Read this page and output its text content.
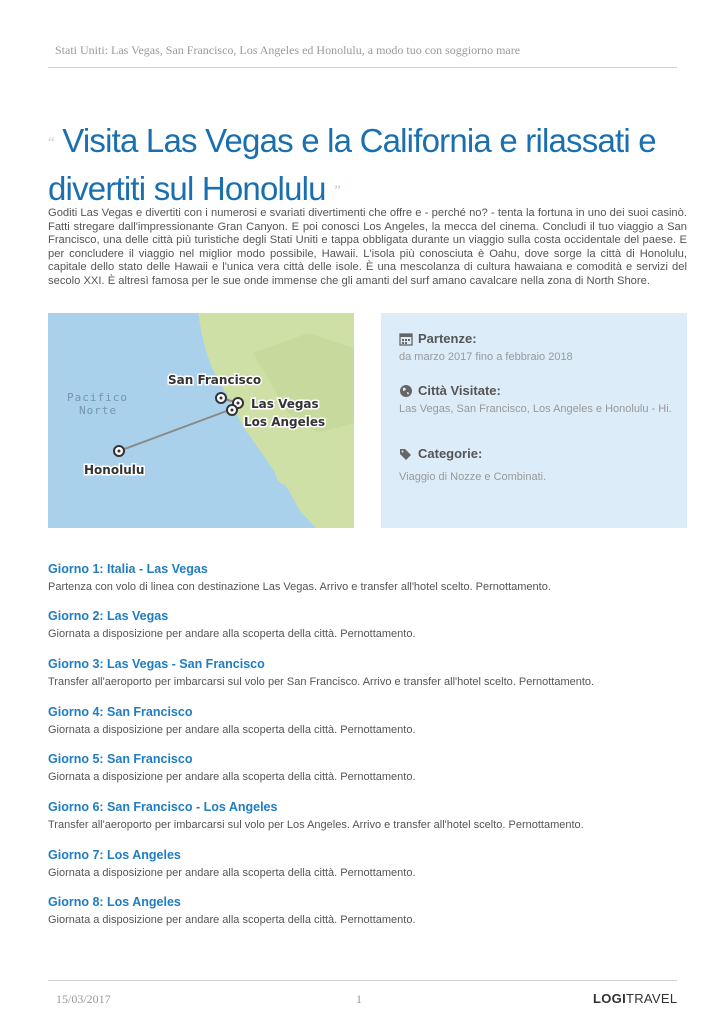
Stati Uniti: Las Vegas, San Francisco, Los Angeles ed Honolulu, a modo tuo con soggiorno mare
“ Visita Las Vegas e la California e rilassati e divertiti sul Honolulu ”

Goditi Las Vegas e divertiti con i numerosi e svariati divertimenti che offre e - perché no? - tenta la fortuna in uno dei suoi casinò. Fatti stregare dall'impressionante Gran Canyon. E poi conosci Los Angeles, la mecca del cinema. Concludi il tuo viaggio a San Francisco, una delle città più turistiche degli Stati Uniti e tappa obbligata durante un viaggio sulla costa occidentale del paese. E per concludere il viaggio nel miglior modo possibile, Hawaii. L'isola più conosciuta è Oahu, dove sorge la città di Honolulu, capitale dello stato delle Hawaii e l'unica vera città delle isole. È una mescolanza di cultura hawaiana e comodità e servizi del secolo XXI. È altresì famosa per le sue onde immense che gli amanti del surf amano cavalcare nella zona di North Shore.

Pacifico
Norte
San Francisco
Las Vegas
Los Angeles
Honolulu
Partenze:
da marzo 2017 fino a febbraio 2018
Città Visitate:
Las Vegas, San Francisco, Los Angeles e Honolulu - Hi.
Categorie:
Viaggio di Nozze e Combinati.
Giorno 1: Italia - Las Vegas
Partenza con volo di linea con destinazione Las Vegas. Arrivo e transfer all'hotel scelto. Pernottamento.
Giorno 2: Las Vegas
Giornata a disposizione per andare alla scoperta della città. Pernottamento.
Giorno 3: Las Vegas - San Francisco
Transfer all'aeroporto per imbarcarsi sul volo per San Francisco. Arrivo e transfer all'hotel scelto. Pernottamento.
Giorno 4: San Francisco
Giornata a disposizione per andare alla scoperta della città. Pernottamento.
Giorno 5: San Francisco
Giornata a disposizione per andare alla scoperta della città. Pernottamento.
Giorno 6: San Francisco - Los Angeles
Transfer all'aeroporto per imbarcarsi sul volo per Los Angeles. Arrivo e transfer all'hotel scelto. Pernottamento.
Giorno 7: Los Angeles
Giornata a disposizione per andare alla scoperta della città. Pernottamento.
Giorno 8: Los Angeles
Giornata a disposizione per andare alla scoperta della città. Pernottamento.
15/03/2017	1	LOGITRAVEL
